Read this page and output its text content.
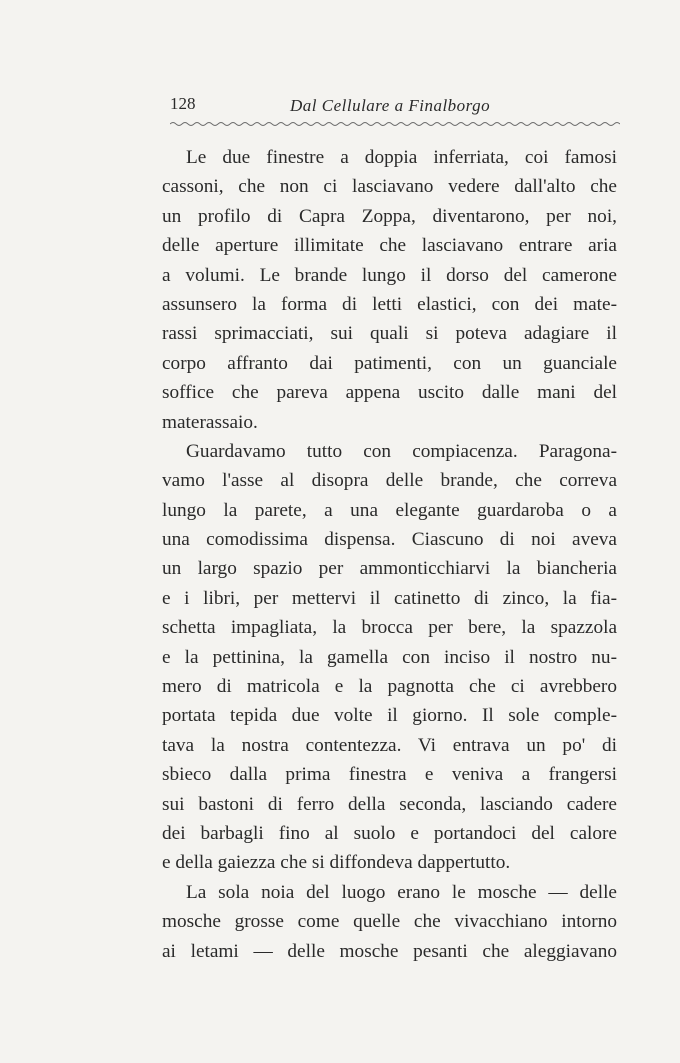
128	Dal Cellulare a Finalborgo
Le due finestre a doppia inferriata, coi famosi
cassoni, che non ci lasciavano vedere dall'alto che
un profilo di Capra Zoppa, diventarono, per noi,
delle aperture illimitate che lasciavano entrare aria
a volumi. Le brande lungo il dorso del camerone
assunsero la forma di letti elastici, con dei mate-
rassi sprimacciati, sui quali si poteva adagiare il
corpo affranto dai patimenti, con un guanciale
soffice che pareva appena uscito dalle mani del
materassaio.
Guardavamo tutto con compiacenza. Paragona-
vamo l'asse al disopra delle brande, che correva
lungo la parete, a una elegante guardaroba o a
una comodissima dispensa. Ciascuno di noi aveva
un largo spazio per ammonticchiarvi la biancheria
e i libri, per mettervi il catinetto di zinco, la fia-
schetta impagliata, la brocca per bere, la spazzola
e la pettinina, la gamella con inciso il nostro nu-
mero di matricola e la pagnotta che ci avrebbero
portata tepida due volte il giorno. Il sole comple-
tava la nostra contentezza. Vi entrava un po' di
sbieco dalla prima finestra e veniva a frangersi
sui bastoni di ferro della seconda, lasciando cadere
dei barbagli fino al suolo e portandoci del calore
e della gaiezza che si diffondeva dappertutto.
La sola noia del luogo erano le mosche — delle
mosche grosse come quelle che vivacchiano intorno
ai letami — delle mosche pesanti che aleggiavano
